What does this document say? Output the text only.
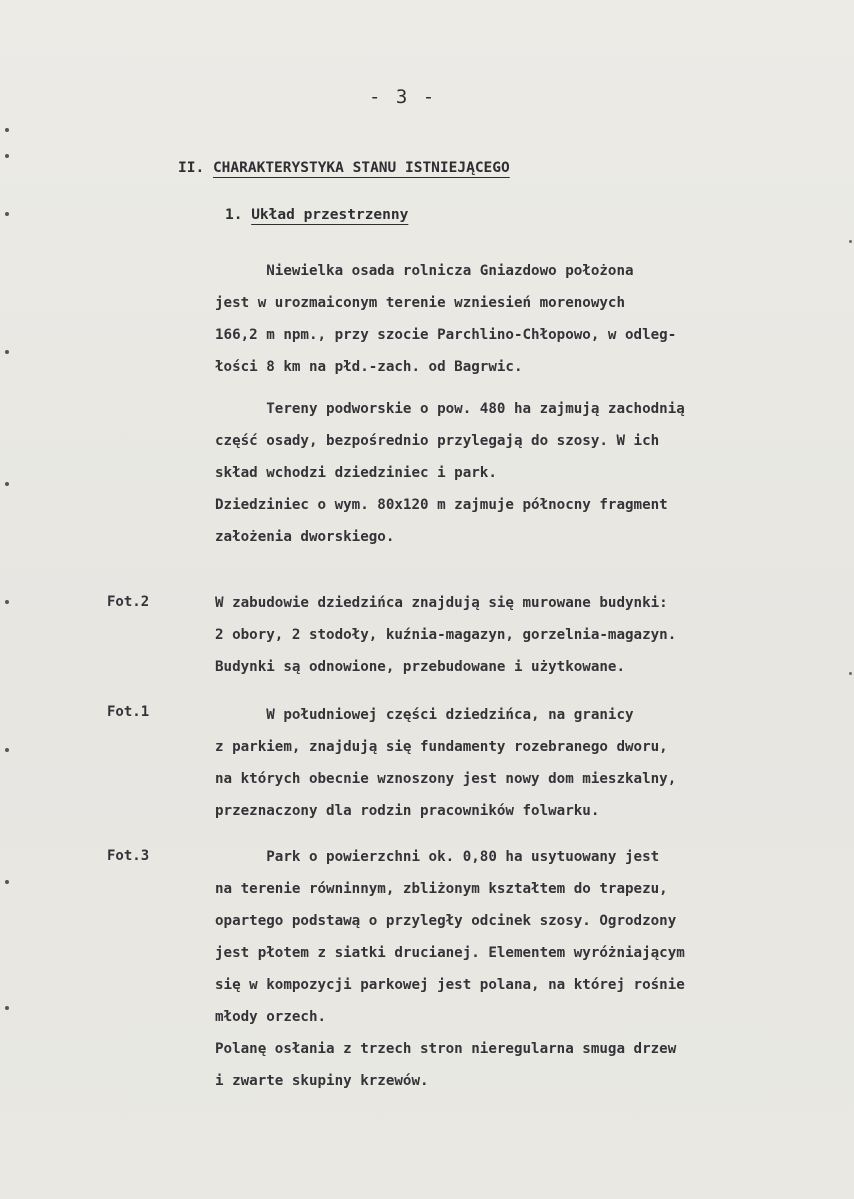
- 3 -
II. CHARAKTERYSTYKA STANU ISTNIEJĄCEGO
1. Układ przestrzenny

Niewielka osada rolnicza Gniazdowo położona
jest w urozmaiconym terenie wzniesień morenowych
166,2 m npm., przy szocie Parchlino-Chłopowo, w odleg-
łości 8 km na płd.-zach. od Bagrwic.

Tereny podworskie o pow. 480 ha zajmują zachodnią
część osady, bezpośrednio przylegają do szosy. W ich
skład wchodzi dziedziniec i park.
Dziedziniec o wym. 80x120 m zajmuje północny fragment
założenia dworskiego.

Fot.2	W zabudowie dziedzińca znajdują się murowane budynki:
2 obory, 2 stodoły, kuźnia-magazyn, gorzelnia-magazyn.
Budynki są odnowione, przebudowane i użytkowane.

Fot.1	W południowej części dziedzińca, na granicy
z parkiem, znajdują się fundamenty rozebranego dworu,
na których obecnie wznoszony jest nowy dom mieszkalny,
przeznaczony dla rodzin pracowników folwarku.

Fot.3	Park o powierzchni ok. 0,80 ha usytuowany jest
na terenie równinnym, zbliżonym kształtem do trapezu,
opartego podstawą o przyległy odcinek szosy. Ogrodzony
jest płotem z siatki drucianej. Elementem wyróżniającym
się w kompozycji parkowej jest polana, na której rośnie
młody orzech.
Polanę osłania z trzech stron nieregularna smuga drzew
i zwarte skupiny krzewów.
